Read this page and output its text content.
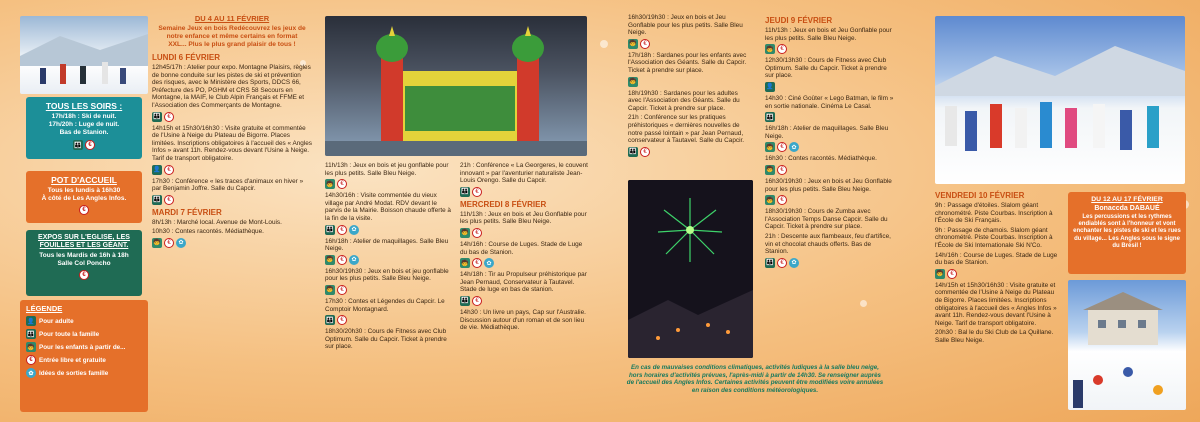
TOUS LES SOIRS :
17h/18h : Ski de nuit.
17h/20h : Luge de nuit.
Bas de Stanion.
👪	€
POT D'ACCUEIL
Tous les lundis à 16h30
À côté de Les Angles Infos.
€
EXPOS SUR L'EGLISE, LES FOUILLES ET LES GÉANT.
Tous les Mardis de 16h à 18h
Salle Col Poncho
€
LÉGENDE
👤 Pour adulte
👪 Pour toute la famille
🧒 Pour les enfants à partir de...
€	Entrée libre et gratuite
✿ Idées de sorties famille
DU 4 AU 11 FÉVRIER
Semaine Jeux en bois Redécouvrez les jeux de notre enfance et même certains en format XXL... Plus le plus grand plaisir de tous !
LUNDI 6 FÉVRIER
12h45/17h : Atelier pour expo. Montagne Plaisirs, règles de bonne conduite sur les pistes de ski et prévention des risques, avec le Ministère des Sports, DDCS 66, Préfecture des PO, PGHM et CRS 58 Secours en Montagne, la MAIF, le Club Alpin Français et FFME et l'Association des Commerçants de Montagne.
👪	€
14h15h et 15h30/16h30 : Visite gratuite et commentée de l'Usine à Neige du Plateau de Bigorre. Places limitées. Inscriptions obligatoires à l'accueil des « Angles Infos » avant 11h. Rendez-vous devant l'Usine à Neige. Tarif de transport obligatoire.
👤	€
17h30 : Conférence « les traces d'animaux en hiver » par Benjamin Joffre. Salle du Capcir.
👪	€
MARDI 7 FÉVRIER
8h/13h : Marché local. Avenue de Mont-Louis.
10h30 : Contes racontés. Médiathèque.
🧒	€	✿
11h/13h : Jeux en bois et jeu gonflable pour les plus petits. Salle Bleu Neige.
🧒	€
14h30/16h : Visite commentée du vieux village par André Modat. RDV devant le parvis de la Mairie. Boisson chaude offerte à la fin de la visite.
👪	€	✿
16h/18h : Atelier de maquillages. Salle Bleu Neige.
🧒	€	✿
16h30/19h30 : Jeux en bois et jeu gonflable pour les plus petits. Salle Bleu Neige.
🧒	€
17h30 : Contes et Légendes du Capcir. Le Comptoir Montagnard.
👪	€
18h30/20h30 : Cours de Fitness avec Club Optimum. Salle du Capcir. Ticket à prendre sur place.
21h : Conférence « La Georgeres, le couvent innovant » par l'aventurier naturaliste Jean-Louis Orengo. Salle du Capcir.
👪	€
MERCREDI 8 FÉVRIER
11h/13h : Jeux en bois et Jeu Gonflable pour les plus petits. Salle Bleu Neige.
🧒	€
14h/16h : Course de Luges. Stade de Luge du bas de Stanion.
🧒	€	✿
14h/18h : Tir au Propulseur préhistorique par Jean Pernaud, Conservateur à Tautavel. Stade de luge en bas de stanion.
👪	€
14h30 : Un livre un pays, Cap sur l'Australie. Discussion autour d'un roman et de son lieu de vie. Médiathèque.
16h30/19h30 : Jeux en bois et Jeu Gonflable pour les plus petits. Salle Bleu Neige.
🧒	€
17h/18h : Sardanes pour les enfants avec l'Association des Géants. Salle du Capcir. Ticket à prendre sur place.
🧒
18h/19h30 : Sardanes pour les adultes avec l'Association des Géants. Salle du Capcir. Ticket à prendre sur place.
21h : Conférence sur les pratiques préhistoriques « dernières nouvelles de notre passé lointain » par Jean Pernaud, conservateur à Tautavel. Salle du Capcir.
👪	€
JEUDI 9 FÉVRIER
11h/13h : Jeux en bois et Jeu Gonflable pour les plus petits. Salle Bleu Neige.
🧒	€
12h30/13h30 : Cours de Fitness avec Club Optimum. Salle du Capcir. Ticket à prendre sur place.
👤
14h30 : Ciné Goûter « Lego Batman, le film » en sortie nationale. Cinéma Le Casal.
👪
16h/18h : Atelier de maquillages. Salle Bleu Neige.
🧒	€	✿
16h30 : Contes racontés. Médiathèque.
🧒	€
16h30/19h30 : Jeux en bois et Jeu Gonflable pour les plus petits. Salle Bleu Neige.
🧒	€
18h30/19h30 : Cours de Zumba avec l'Association Temps Danse Capcir. Salle du Capcir. Ticket à prendre sur place.
21h : Descente aux flambeaux, feu d'artifice, vin et chocolat chauds offerts. Bas de Stanion.
👪	€	✿
En cas de mauvaises conditions climatiques, activités ludiques à la salle bleu neige, hors horaires d'activités prévues, l'après-midi à partir de 14h30. Se renseigner auprès de l'accueil des Angles Infos. Certaines activités peuvent être modifiées voire annulées en raison des conditions météorologiques.
VENDREDI 10 FÉVRIER
9h : Passage d'étoiles. Slalom géant chronométré. Piste Courbas. Inscription à l'École de Ski Français.
9h : Passage de chamois. Slalom géant chronométré. Piste Courbas. Inscription à l'École de Ski Internationale Ski N'Co.
14h/16h : Course de Luges. Stade de Luge du bas de Stanion.
🧒	€
14h/15h et 15h30/16h30 : Visite gratuite et commentée de l'Usine à Neige du Plateau de Bigorre. Places limitées. Inscriptions obligatoires à l'accueil des « Angles Infos » avant 11h. Rendez-vous devant l'Usine à Neige. Tarif de transport obligatoire.
20h30 : Bal le du Ski Club de La Quillane. Salle Bleu Neige.
DU 12 AU 17 FÉVRIER
Bonaccda DABAUÉ
Les percussions et les rythmes endiablés sont à l'honneur et vont enchanter les pistes de ski et les rues du village... Les Angles sous le signe du Brésil !
